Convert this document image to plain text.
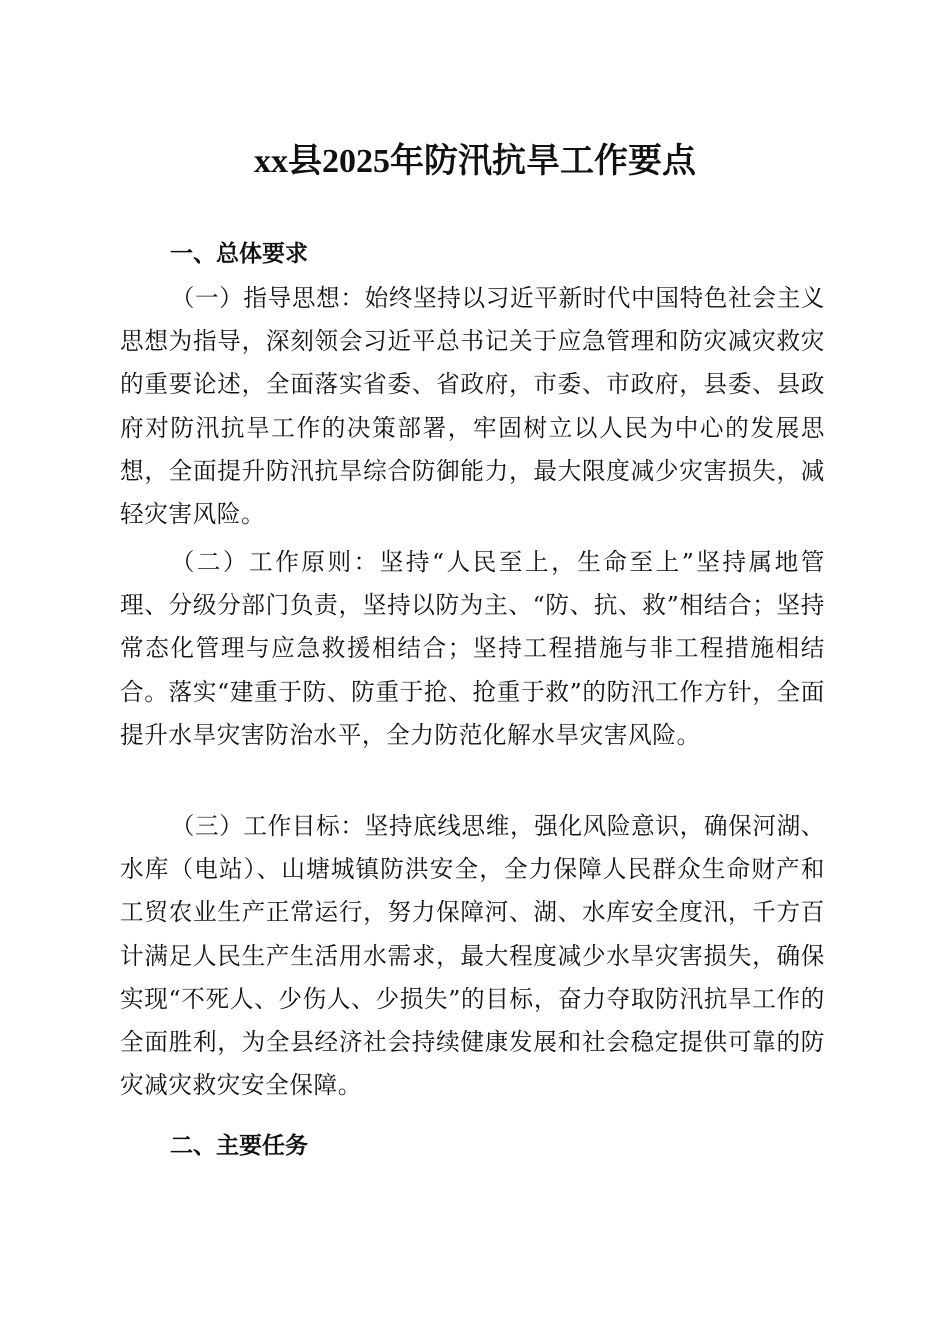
xx县2025年防汛抗旱工作要点
一、总体要求

（一）指导思想：始终坚持以习近平新时代中国特色社会主义思想为指导，深刻领会习近平总书记关于应急管理和防灾减灾救灾的重要论述，全面落实省委、省政府，市委、市政府，县委、县政府对防汛抗旱工作的决策部署，牢固树立以人民为中心的发展思想，全面提升防汛抗旱综合防御能力，最大限度减少灾害损失，减轻灾害风险。

（二）工作原则：坚持“人民至上，生命至上”坚持属地管理、分级分部门负责，坚持以防为主、“防、抗、救”相结合；坚持常态化管理与应急救援相结合；坚持工程措施与非工程措施相结合。落实“建重于防、防重于抢、抢重于救”的防汛工作方针，全面提升水旱灾害防治水平，全力防范化解水旱灾害风险。

（三）工作目标：坚持底线思维，强化风险意识，确保河湖、水库（电站）、山塘城镇防洪安全，全力保障人民群众生命财产和工贸农业生产正常运行，努力保障河、湖、水库安全度汛，千方百计满足人民生产生活用水需求，最大程度减少水旱灾害损失，确保实现“不死人、少伤人、少损失”的目标，奋力夺取防汛抗旱工作的全面胜利，为全县经济社会持续健康发展和社会稳定提供可靠的防灾减灾救灾安全保障。

二、主要任务
